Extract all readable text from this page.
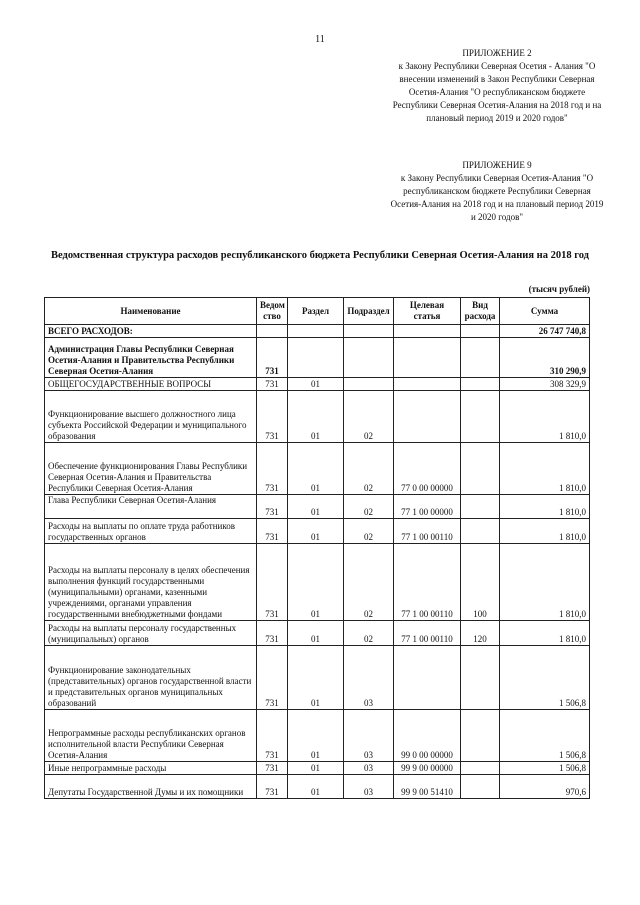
11
ПРИЛОЖЕНИЕ 2
к Закону Республики Северная Осетия - Алания "О внесении изменений в Закон Республики Северная Осетия-Алания "О республиканском бюджете Республики Северная Осетия-Алания на 2018 год и на плановый период 2019 и 2020 годов"
ПРИЛОЖЕНИЕ 9
к Закону Республики Северная Осетия-Алания "О республиканском бюджете Республики Северная Осетия-Алания на 2018 год и на плановый период 2019 и 2020 годов"
Ведомственная структура расходов республиканского бюджета Республики Северная Осетия-Алания на 2018 год
(тысяч рублей)
Наименование	Ведом ство	Раздел	Подраздел	Целевая статья	Вид расхода	Сумма
ВСЕГО РАСХОДОВ:						26 747 740,8
Администрация Главы Республики Северная Осетия-Алания и Правительства Республики Северная Осетия-Алания	731					310 290,9
ОБЩЕГОСУДАРСТВЕННЫЕ ВОПРОСЫ	731	01				308 329,9
Функционирование высшего должностного лица субъекта Российской Федерации и муниципального образования	731	01	02			1 810,0
Обеспечение функционирования Главы Республики Северная Осетия-Алания и Правительства Республики Северная Осетия-Алания	731	01	02	77 0 00 00000		1 810,0
Глава Республики Северная Осетия-Алания	731	01	02	77 1 00 00000		1 810,0
Расходы на выплаты по оплате труда работников государственных органов	731	01	02	77 1 00 00110		1 810,0
Расходы на выплаты персоналу в целях обеспечения выполнения функций государственными (муниципальными) органами, казенными учреждениями, органами управления государственными внебюджетными фондами	731	01	02	77 1 00 00110	100	1 810,0
Расходы на выплаты персоналу государственных (муниципальных) органов	731	01	02	77 1 00 00110	120	1 810,0
Функционирование законодательных (представительных) органов государственной власти и представительных органов муниципальных образований	731	01	03			1 506,8
Непрограммные расходы республиканских органов исполнительной власти Республики Северная Осетия-Алания	731	01	03	99 0 00 00000		1 506,8
Иные непрограммные расходы	731	01	03	99 9 00 00000		1 506,8
Депутаты Государственной Думы и их помощники	731	01	03	99 9 00 51410		970,6
